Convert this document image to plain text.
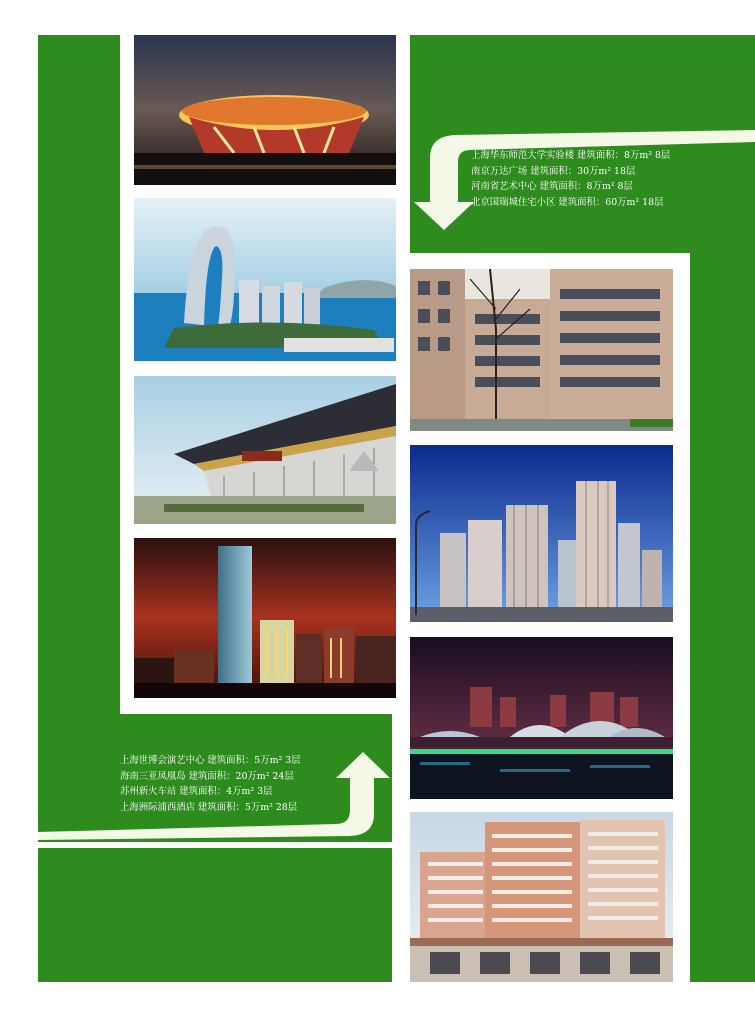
上海华东师范大学实验楼 建筑面积：8万m² 8层
南京万达广场 建筑面积：30万m² 18层
河南省艺术中心 建筑面积：8万m² 8层
北京国瑞城住宅小区 建筑面积：60万m² 18层
上海世博会演艺中心 建筑面积：5万m² 3层
海南三亚凤凰岛 建筑面积：20万m² 24层
苏州新火车站 建筑面积：4万m² 3层
上海洲际浦西酒店 建筑面积：5万m² 28层
